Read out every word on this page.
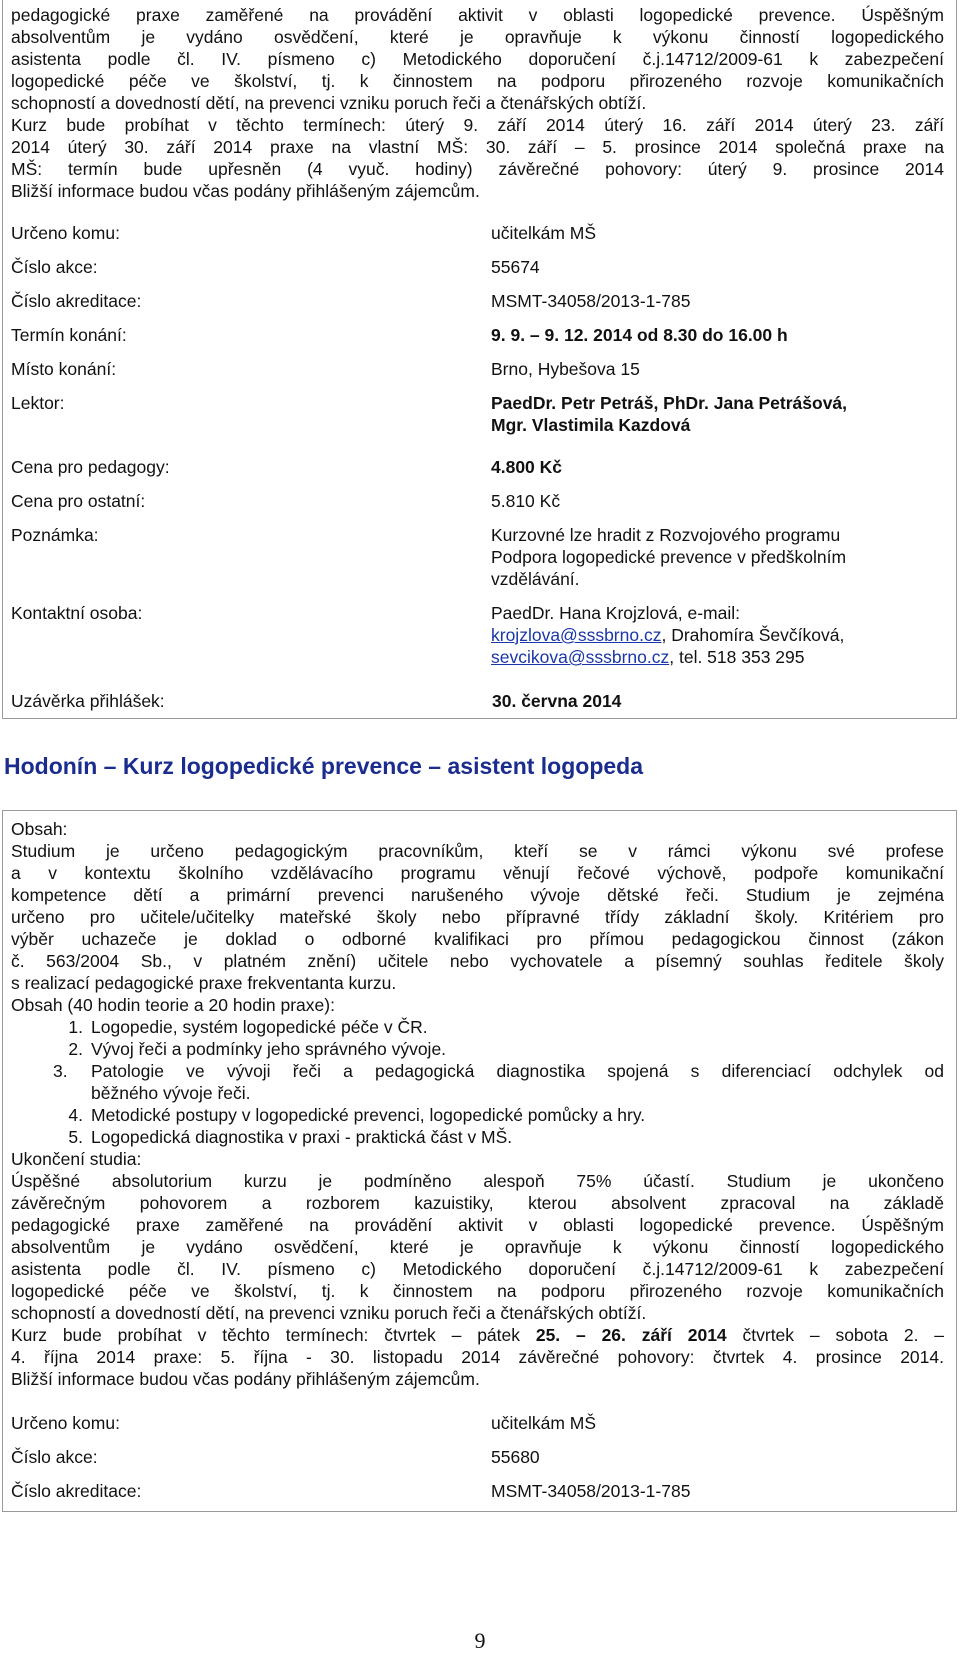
pedagogické praxe zaměřené na provádění aktivit v oblasti logopedické prevence. Úspěšným
absolventům je vydáno osvědčení, které je opravňuje k výkonu činností logopedického
asistenta podle čl. IV. písmeno c) Metodického doporučení č.j.14712/2009-61 k zabezpečení
logopedické péče ve školství, tj. k činnostem na podporu přirozeného rozvoje komunikačních
schopností a dovedností dětí, na prevenci vzniku poruch řeči a čtenářských obtíží.
Kurz bude probíhat v těchto termínech: úterý 9. září 2014 úterý 16. září 2014 úterý 23. září
2014 úterý 30. září 2014 praxe na vlastní MŠ: 30. září – 5. prosince 2014 společná praxe na
MŠ: termín bude upřesněn (4 vyuč. hodiny) závěrečné pohovory: úterý 9. prosince 2014
Bližší informace budou včas podány přihlášeným zájemcům.
Určeno komu:	učitelkám MŠ
Číslo akce:	55674
Číslo akreditace:	MSMT-34058/2013-1-785
Termín konání:	9. 9. – 9. 12. 2014 od 8.30 do 16.00 h
Místo konání:	Brno, Hybešova 15
Lektor:	PaedDr. Petr Petráš, PhDr. Jana Petrášová,
Mgr. Vlastimila Kazdová
Cena pro pedagogy:	4.800 Kč
Cena pro ostatní:	5.810 Kč
Poznámka:	Kurzovné lze hradit z Rozvojového programu
Podpora logopedické prevence v předškolním
vzdělávání.
Kontaktní osoba:	PaedDr. Hana Krojzlová, e-mail:
krojzlova@sssbrno.cz, Drahomíra Ševčíková,
sevcikova@sssbrno.cz, tel. 518 353 295
Uzávěrka přihlášek:	30. června 2014
Hodonín – Kurz logopedické prevence – asistent logopeda
Obsah:
Studium je určeno pedagogickým pracovníkům, kteří se v rámci výkonu své profese
a v kontextu školního vzdělávacího programu věnují řečové výchově, podpoře komunikační
kompetence dětí a primární prevenci narušeného vývoje dětské řeči. Studium je zejména
určeno pro učitele/učitelky mateřské školy nebo přípravné třídy základní školy. Kritériem pro
výběr uchazeče je doklad o odborné kvalifikaci pro přímou pedagogickou činnost (zákon
č. 563/2004 Sb., v platném znění) učitele nebo vychovatele a písemný souhlas ředitele školy
s realizací pedagogické praxe frekventanta kurzu.
Obsah (40 hodin teorie a 20 hodin praxe):
1. Logopedie, systém logopedické péče v ČR.
2. Vývoj řeči a podmínky jeho správného vývoje.
3.	Patologie ve vývoji řeči a pedagogická diagnostika spojená s diferenciací odchylek od
běžného vývoje řeči.
4. Metodické postupy v logopedické prevenci, logopedické pomůcky a hry.
5. Logopedická diagnostika v praxi - praktická část v MŠ.
Ukončení studia:
Úspěšné absolutorium kurzu je podmíněno alespoň 75% účastí. Studium je ukončeno
závěrečným pohovorem a rozborem kazuistiky, kterou absolvent zpracoval na základě
pedagogické praxe zaměřené na provádění aktivit v oblasti logopedické prevence. Úspěšným
absolventům je vydáno osvědčení, které je opravňuje k výkonu činností logopedického
asistenta podle čl. IV. písmeno c) Metodického doporučení č.j.14712/2009-61 k zabezpečení
logopedické péče ve školství, tj. k činnostem na podporu přirozeného rozvoje komunikačních
schopností a dovedností dětí, na prevenci vzniku poruch řeči a čtenářských obtíží.
Kurz bude probíhat v těchto termínech: čtvrtek – pátek 25. – 26. září 2014 čtvrtek – sobota 2. –
4. října 2014 praxe: 5. října - 30. listopadu 2014 závěrečné pohovory: čtvrtek 4. prosince 2014.
Bližší informace budou včas podány přihlášeným zájemcům.
Určeno komu:	učitelkám MŠ
Číslo akce:	55680
Číslo akreditace:	MSMT-34058/2013-1-785
9
